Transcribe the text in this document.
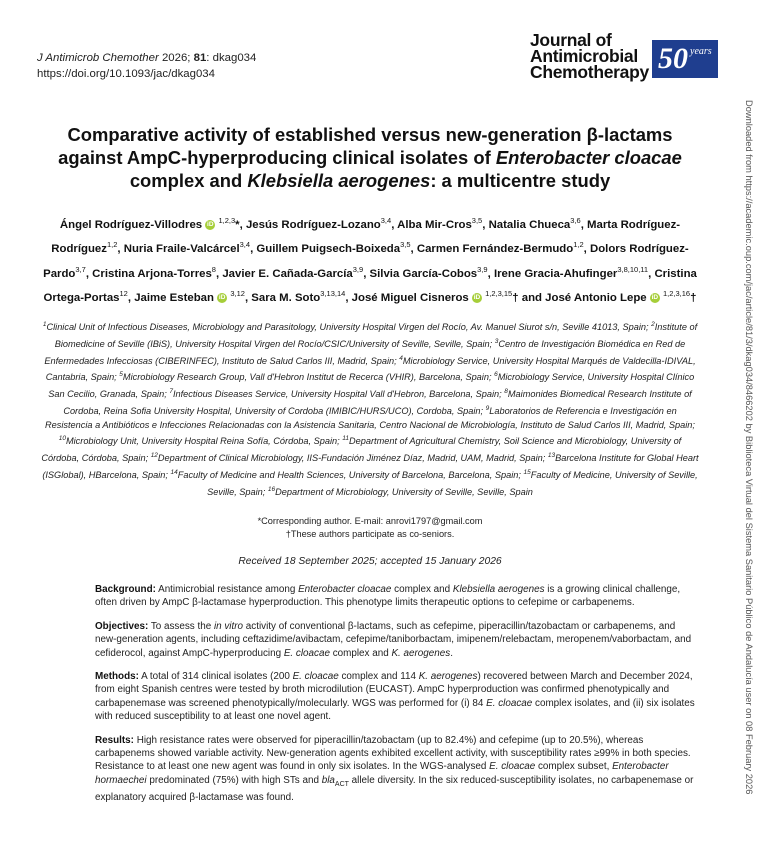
J Antimicrob Chemother 2026; 81: dkag034
https://doi.org/10.1093/jac/dkag034
Journal of
Antimicrobial
Chemotherapy 50 years
Downloaded from https://academic.oup.com/jac/article/81/3/dkag034/8466202 by Biblioteca Virtual del Sistema Sanitario Público de Andalucía user on 08 February 2026
Comparative activity of established versus new-generation β-lactams
against AmpC-hyperproducing clinical isolates of Enterobacter cloacae
complex and Klebsiella aerogenes: a multicentre study
Ángel Rodríguez-Villodres iD $^{1,2,3}$*, Jesús Rodríguez-Lozano$^{3,4}$, Alba Mir-Cros$^{3,5}$, Natalia Chueca$^{3,6}$, Marta Rodríguez-Rodríguez$^{1,2}$, Nuria Fraile-Valcárcel$^{3,4}$, Guillem Puigsech-Boixeda$^{3,5}$, Carmen Fernández-Bermudo$^{1,2}$, Dolors Rodríguez-Pardo$^{3,7}$, Cristina Arjona-Torres$^8$, Javier E. Cañada-García$^{3,9}$, Silvia García-Cobos$^{3,9}$, Irene Gracia-Ahufinger$^{3,8,10,11}$, Cristina Ortega-Portas$^{12}$, Jaime Esteban iD $^{3,12}$, Sara M. Soto$^{3,13,14}$, José Miguel Cisneros iD $^{1,2,3,15}$† and José Antonio Lepe iD $^{1,2,3,16}$†
$^1$Clinical Unit of Infectious Diseases, Microbiology and Parasitology, University Hospital Virgen del Rocío, Av. Manuel Siurot s/n, Seville 41013, Spain; $^2$Institute of Biomedicine of Seville (IBiS), University Hospital Virgen del Rocío/CSIC/University of Seville, Seville, Spain; $^3$Centro de Investigación Biomédica en Red de Enfermedades Infecciosas (CIBERINFEC), Instituto de Salud Carlos III, Madrid, Spain; $^4$Microbiology Service, University Hospital Marqués de Valdecilla-IDIVAL, Cantabria, Spain; $^5$Microbiology Research Group, Vall d'Hebron Institut de Recerca (VHIR), Barcelona, Spain; $^6$Microbiology Service, University Hospital Clínico San Cecilio, Granada, Spain; $^7$Infectious Diseases Service, University Hospital Vall d'Hebron, Barcelona, Spain; $^8$Maimonides Biomedical Research Institute of Cordoba, Reina Sofia University Hospital, University of Cordoba (IMIBIC/HURS/UCO), Cordoba, Spain; $^9$Laboratorios de Referencia e Investigación en Resistencia a Antibióticos e Infecciones Relacionadas con la Asistencia Sanitaria, Centro Nacional de Microbiología, Instituto de Salud Carlos III, Madrid, Spain; $^{10}$Microbiology Unit, University Hospital Reina Sofía, Córdoba, Spain; $^{11}$Department of Agricultural Chemistry, Soil Science and Microbiology, University of Córdoba, Córdoba, Spain; $^{12}$Department of Clinical Microbiology, IIS-Fundación Jiménez Díaz, Madrid, UAM, Madrid, Spain; $^{13}$Barcelona Institute for Global Heart (ISGlobal), HBarcelona, Spain; $^{14}$Faculty of Medicine and Health Sciences, University of Barcelona, Barcelona, Spain; $^{15}$Faculty of Medicine, University of Seville, Seville, Spain; $^{16}$Department of Microbiology, University of Seville, Seville, Spain
*Corresponding author. E-mail: anrovi1797@gmail.com
†These authors participate as co-seniors.
Received 18 September 2025; accepted 15 January 2026

Background: Antimicrobial resistance among Enterobacter cloacae complex and Klebsiella aerogenes is a growing clinical challenge, often driven by AmpC β-lactamase hyperproduction. This phenotype limits therapeutic options to cefepime or carbapenems.

Objectives: To assess the in vitro activity of conventional β-lactams, such as cefepime, piperacillin/tazobactam or carbapenems, and new-generation agents, including ceftazidime/avibactam, cefepime/taniborbactam, imipenem/relebactam, meropenem/vaborbactam, and cefiderocol, against AmpC-hyperproducing E. cloacae complex and K. aerogenes.

Methods: A total of 314 clinical isolates (200 E. cloacae complex and 114 K. aerogenes) recovered between March and December 2024, from eight Spanish centres were tested by broth microdilution (EUCAST). AmpC hyperproduction was confirmed phenotypically and carbapenemase was screened phenotypically/molecularly. WGS was performed for (i) 84 E. cloacae complex isolates, and (ii) six isolates with reduced susceptibility to at least one novel agent.

Results: High resistance rates were observed for piperacillin/tazobactam (up to 82.4%) and cefepime (up to 20.5%), whereas carbapenems showed variable activity. New-generation agents exhibited excellent activity, with susceptibility rates ≥99% in both species. Resistance to at least one new agent was found in only six isolates. In the WGS-analysed E. cloacae complex subset, Enterobacter hormaechei predominated (75%) with high STs and bla$_{ACT}$ allele diversity. In the six reduced-susceptibility isolates, no carbapenemase or explanatory acquired β-lactamase was found.
